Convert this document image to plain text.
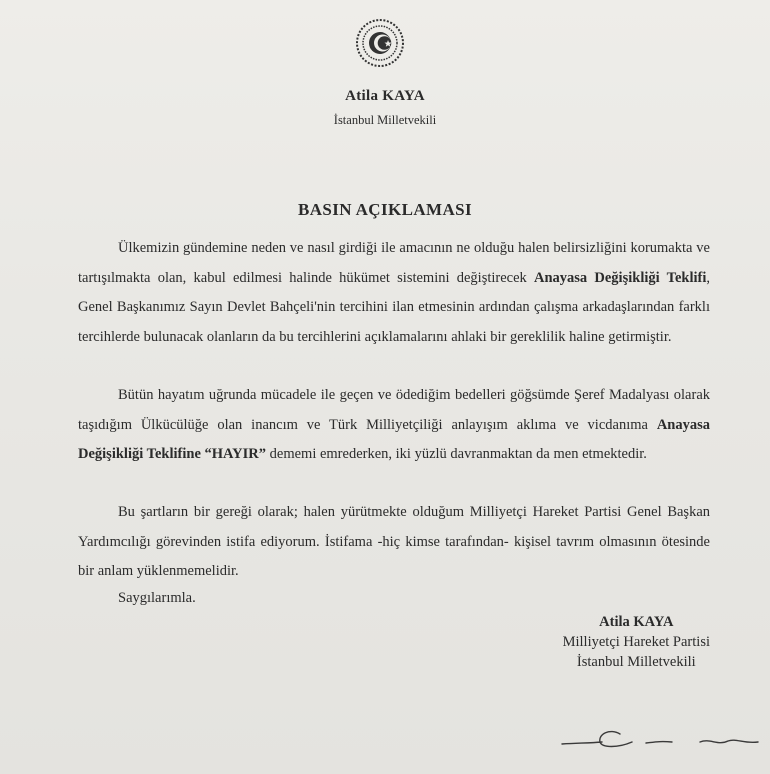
Atila KAYA
İstanbul Milletvekili
BASIN AÇIKLAMASI

Ülkemizin gündemine neden ve nasıl girdiği ile amacının ne olduğu halen belirsizliğini korumakta ve tartışılmakta olan, kabul edilmesi halinde hükümet sistemini değiştirecek Anayasa Değişikliği Teklifi, Genel Başkanımız Sayın Devlet Bahçeli'nin tercihini ilan etmesinin ardından çalışma arkadaşlarından farklı tercihlerde bulunacak olanların da bu tercihlerini açıklamalarını ahlaki bir gereklilik haline getirmiştir.

Bütün hayatım uğrunda mücadele ile geçen ve ödediğim bedelleri göğsümde Şeref Madalyası olarak taşıdığım Ülkücülüğe olan inancım ve Türk Milliyetçiliği anlayışım aklıma ve vicdanıma Anayasa Değişikliği Teklifine “HAYIR” dememi emrederken, iki yüzlü davranmaktan da men etmektedir.

Bu şartların bir gereği olarak; halen yürütmekte olduğum Milliyetçi Hareket Partisi Genel Başkan Yardımcılığı görevinden istifa ediyorum. İstifama -hiç kimse tarafından- kişisel tavrım olmasının ötesinde bir anlam yüklenmemelidir.

Saygılarımla.
Atila KAYA
Milliyetçi Hareket Partisi
İstanbul Milletvekili
